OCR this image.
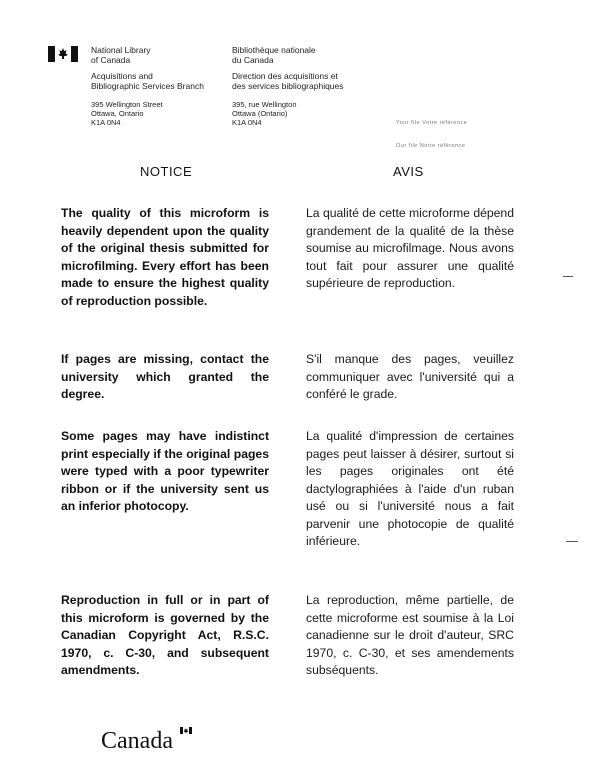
National Library
of Canada
Acquisitions and
Bibliographic Services Branch
395 Wellington Street
Ottawa, Ontario
K1A 0N4
Bibliothèque nationale
du Canada
Direction des acquisitions et
des services bibliographiques
395, rue Wellington
Ottawa (Ontario)
K1A 0N4	Your file Votre référence
Our file Notre référence
NOTICE	AVIS
The quality of this microform is heavily dependent upon the quality of the original thesis submitted for microfilming. Every effort has been made to ensure the highest quality of reproduction possible.
If pages are missing, contact the university which granted the degree.
Some pages may have indistinct print especially if the original pages were typed with a poor typewriter ribbon or if the university sent us an inferior photocopy.
Reproduction in full or in part of this microform is governed by the Canadian Copyright Act, R.S.C. 1970, c. C-30, and subsequent amendments.
La qualité de cette microforme dépend grandement de la qualité de la thèse soumise au microfilmage. Nous avons tout fait pour assurer une qualité supérieure de reproduction.
S'il manque des pages, veuillez communiquer avec l'université qui a conféré le grade.
La qualité d'impression de certaines pages peut laisser à désirer, surtout si les pages originales ont été dactylographiées à l'aide d'un ruban usé ou si l'université nous a fait parvenir une photocopie de qualité inférieure.
La reproduction, même partielle, de cette microforme est soumise à la Loi canadienne sur le droit d'auteur, SRC 1970, c. C-30, et ses amendements subséquents.
Canada
